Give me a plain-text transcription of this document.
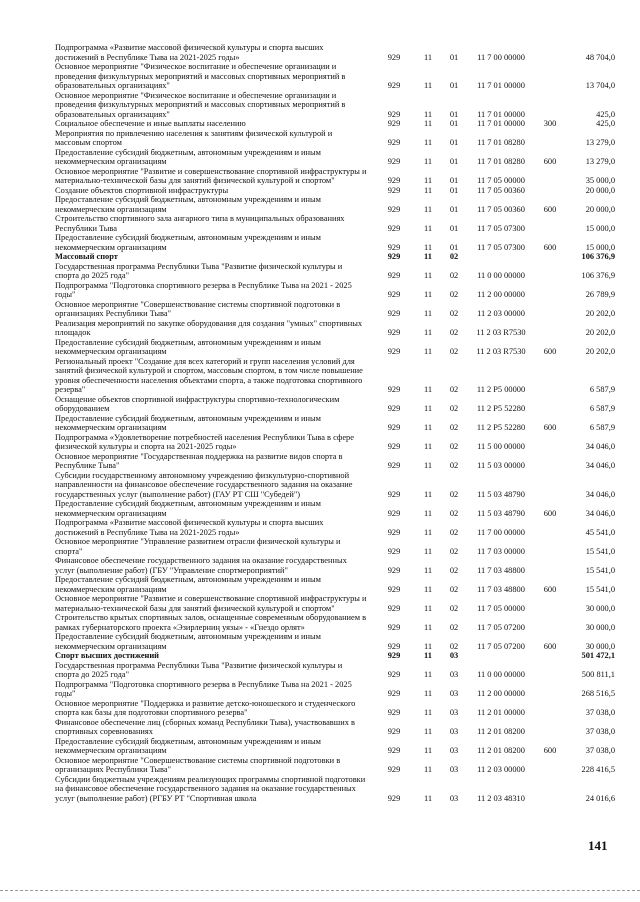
Подпрограмма «Развитие массовой физической культуры и спорта высших достижений в Республике Тыва на 2021-2025 годы»	929	11	01	11 7 00 00000	48 704,0
Основное мероприятие "Физическое воспитание и обеспечение организации и проведения физкультурных мероприятий и массовых спортивных мероприятий в образовательных организациях"	929	11	01	11 7 01 00000	13 704,0
Основное мероприятие "Физическое воспитание и обеспечение организации и проведения физкультурных мероприятий и массовых спортивных мероприятий в образовательных организациях"	929	11	01	11 7 01 00000	425,0
Социальное обеспечение и иные выплаты населению	929	11	01	11 7 01 00000	300	425,0
Мероприятия по привлечению населения к занятиям физической культурой и массовым спортом	929	11	01	11 7 01 08280	13 279,0
Предоставление субсидий бюджетным, автономным учреждениям и иным некоммерческим организациям	929	11	01	11 7 01 08280	600	13 279,0
Основное мероприятие "Развитие и совершенствование спортивной инфраструктуры и материально-технической базы для занятий физической культурой и спортом"	929	11	01	11 7 05 00000	35 000,0
Создание объектов спортивной инфраструктуры	929	11	01	11 7 05 00360	20 000,0
Предоставление субсидий бюджетным, автономным учреждениям и иным некоммерческим организациям	929	11	01	11 7 05 00360	600	20 000,0
Строительство спортивного зала ангарного типа в муниципальных образованиях Республики Тыва	929	11	01	11 7 05 07300	15 000,0
Предоставление субсидий бюджетным, автономным учреждениям и иным некоммерческим организациям	929	11	01	11 7 05 07300	600	15 000,0
Массовый спорт	929	11	02	106 376,9
Государственная программа Республики Тыва "Развитие физической культуры и спорта до 2025 года"	929	11	02	11 0 00 00000	106 376,9
Подпрограмма "Подготовка спортивного резерва в Республике Тыва на 2021 - 2025 годы"	929	11	02	11 2 00 00000	26 789,9
Основное мероприятие "Совершенствование системы спортивной подготовки в организациях Республики Тыва"	929	11	02	11 2 03 00000	20 202,0
Реализация мероприятий по закупке оборудования для создания "умных" спортивных площадок	929	11	02	11 2 03 R7530	20 202,0
Предоставление субсидий бюджетным, автономным учреждениям и иным некоммерческим организациям	929	11	02	11 2 03 R7530	600	20 202,0
Региональный проект "Создание для всех категорий и групп населения условий для занятий физической культурой и спортом, массовым спортом, в том числе повышение уровня обеспеченности населения объектами спорта, а также подготовка спортивного резерва"	929	11	02	11 2 P5 00000	6 587,9
Оснащение объектов спортивной инфраструктуры спортивно-технологическим оборудованием	929	11	02	11 2 P5 52280	6 587,9
Предоставление субсидий бюджетным, автономным учреждениям и иным некоммерческим организациям	929	11	02	11 2 P5 52280	600	6 587,9
Подпрограмма «Удовлетворение потребностей населения Республики Тыва в сфере физической культуры и спорта на 2021-2025 годы»	929	11	02	11 5 00 00000	34 046,0
Основное мероприятие "Государственная поддержка на развитие видов спорта в Республике Тыва"	929	11	02	11 5 03 00000	34 046,0
Субсидии государственному автономному учреждению физкультурно-спортивной направленности на финансовое обеспечение государственного задания на оказание государственных услуг (выполнение работ) (ГАУ РТ СШ "Субедей")	929	11	02	11 5 03 48790	34 046,0
Предоставление субсидий бюджетным, автономным учреждениям и иным некоммерческим организациям	929	11	02	11 5 03 48790	600	34 046,0
Подпрограмма «Развитие массовой физической культуры и спорта высших достижений в Республике Тыва на 2021-2025 годы»	929	11	02	11 7 00 00000	45 541,0
Основное мероприятие "Управление развитием отрасли физической культуры и спорта"	929	11	02	11 7 03 00000	15 541,0
Финансовое обеспечение государственного задания на оказание государственных услуг (выполнение работ) (ГБУ "Управление спортмероприятий"	929	11	02	11 7 03 48800	15 541,0
Предоставление субсидий бюджетным, автономным учреждениям и иным некоммерческим организациям	929	11	02	11 7 03 48800	600	15 541,0
Основное мероприятие "Развитие и совершенствование спортивной инфраструктуры и материально-технической базы для занятий физической культурой и спортом"	929	11	02	11 7 05 00000	30 000,0
Строительство крытых спортивных залов, оснащенные современным оборудованием в рамках губернаторского проекта «Эзирлерниң уязы» - «Гнездо орлят»	929	11	02	11 7 05 07200	30 000,0
Предоставление субсидий бюджетным, автономным учреждениям и иным некоммерческим организациям	929	11	02	11 7 05 07200	600	30 000,0
Спорт высших достижений	929	11	03	501 472,1
Государственная программа Республики Тыва "Развитие физической культуры и спорта до 2025 года"	929	11	03	11 0 00 00000	500 811,1
Подпрограмма "Подготовка спортивного резерва в Республике Тыва на 2021 - 2025 годы"	929	11	03	11 2 00 00000	268 516,5
Основное мероприятие "Поддержка и развитие детско-юношеского и студенческого спорта как базы для подготовки спортивного резерва"	929	11	03	11 2 01 00000	37 038,0
Финансовое обеспечение лиц (сборных команд Республики Тыва), участвовавших в спортивных соревнованиях	929	11	03	11 2 01 08200	37 038,0
Предоставление субсидий бюджетным, автономным учреждениям и иным некоммерческим организациям	929	11	03	11 2 01 08200	600	37 038,0
Основное мероприятие "Совершенствование системы спортивной подготовки в организациях Республики Тыва"	929	11	03	11 2 03 00000	228 416,5
Субсидии бюджетным учреждениям реализующих программы спортивной подготовки на финансовое обеспечение государственного задания на оказание государственных услуг (выполнение работ) (РГБУ РТ "Спортивная школа	929	11	03	11 2 03 48310	24 016,6
141
